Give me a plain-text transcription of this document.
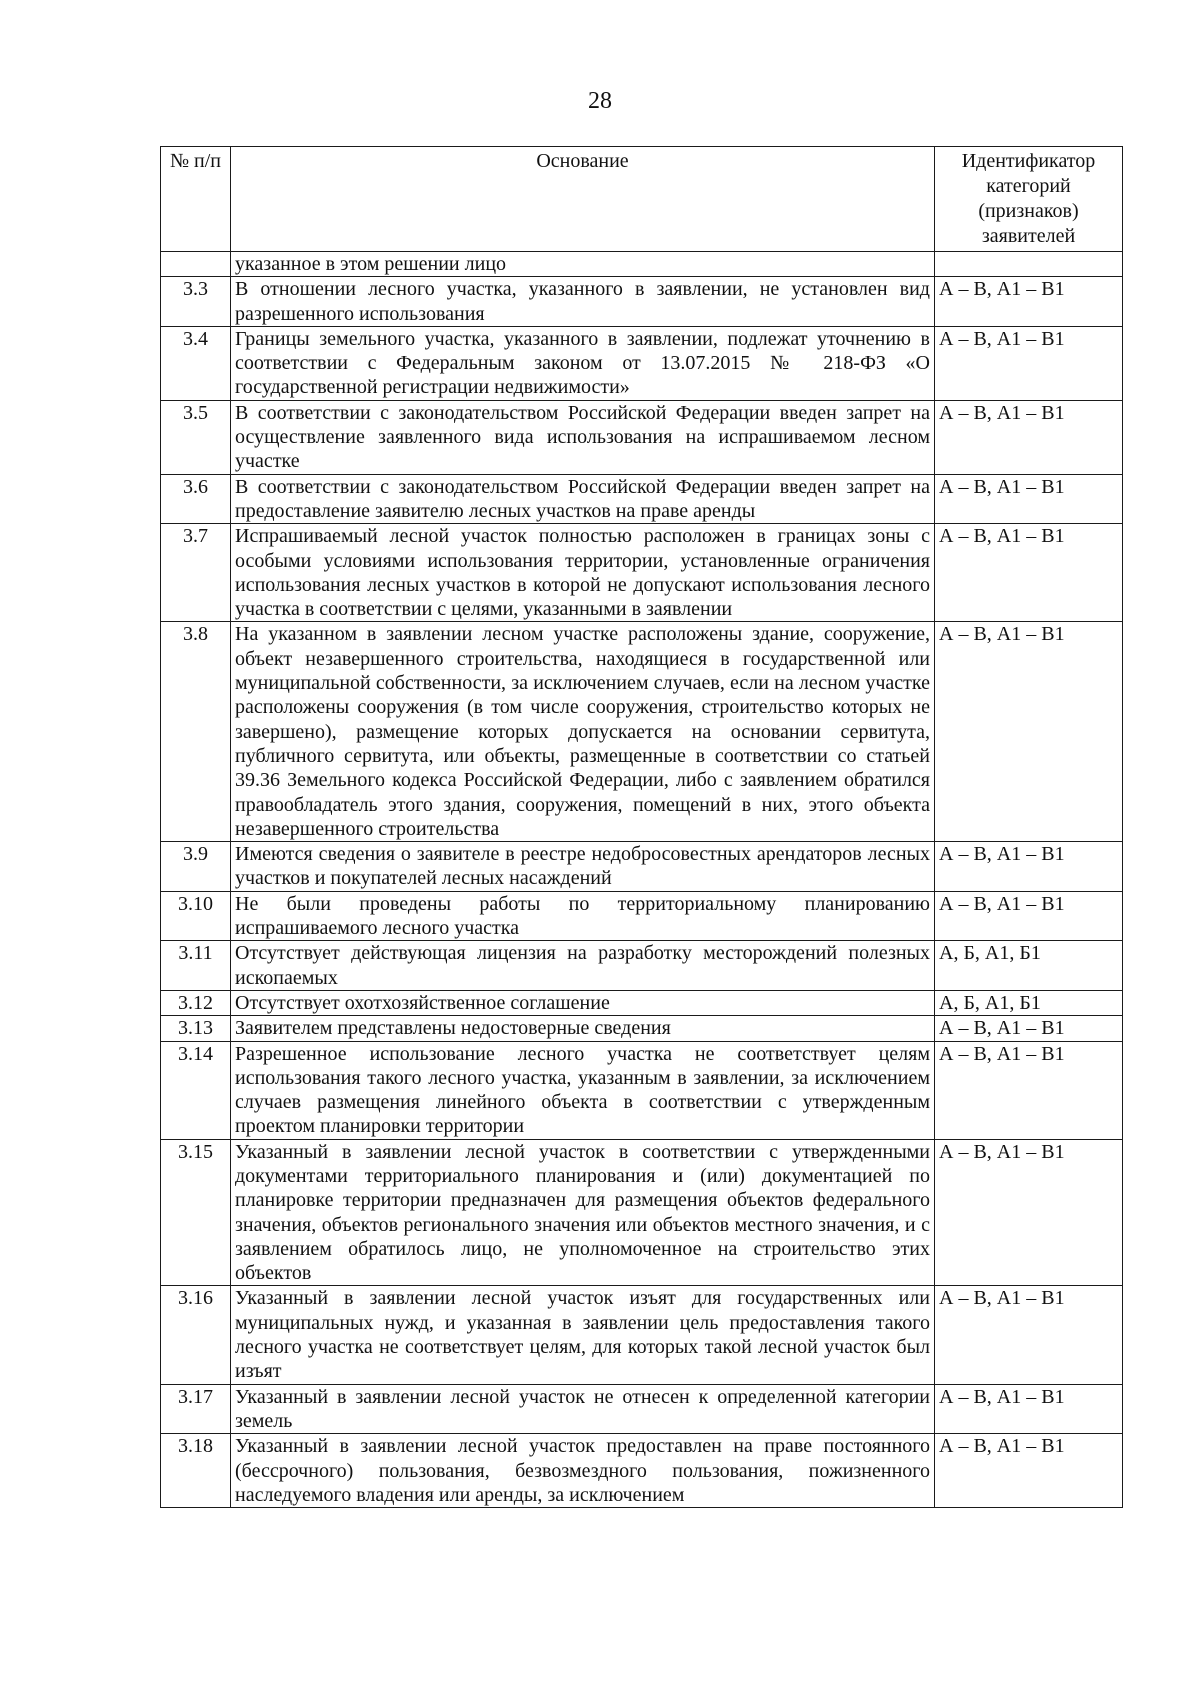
28
№ п/п	Основание	Идентификатор категорий (признаков) заявителей
	указанное в этом решении лицо	
3.3	В отношении лесного участка, указанного в заявлении, не установлен вид разрешенного использования	А – В, А1 – В1
3.4	Границы земельного участка, указанного в заявлении, подлежат уточнению в соответствии с Федеральным законом от 13.07.2015 № 218-ФЗ «О государственной регистрации недвижимости»	А – В, А1 – В1
3.5	В соответствии с законодательством Российской Федерации введен запрет на осуществление заявленного вида использования на испрашиваемом лесном участке	А – В, А1 – В1
3.6	В соответствии с законодательством Российской Федерации введен запрет на предоставление заявителю лесных участков на праве аренды	А – В, А1 – В1
3.7	Испрашиваемый лесной участок полностью расположен в границах зоны с особыми условиями использования территории, установленные ограничения использования лесных участков в которой не допускают использования лесного участка в соответствии с целями, указанными в заявлении	А – В, А1 – В1
3.8	На указанном в заявлении лесном участке расположены здание, сооружение, объект незавершенного строительства, находящиеся в государственной или муниципальной собственности, за исключением случаев, если на лесном участке расположены сооружения (в том числе сооружения, строительство которых не завершено), размещение которых допускается на основании сервитута, публичного сервитута, или объекты, размещенные в соответствии со статьей 39.36 Земельного кодекса Российской Федерации, либо с заявлением обратился правообладатель этого здания, сооружения, помещений в них, этого объекта незавершенного строительства	А – В, А1 – В1
3.9	Имеются сведения о заявителе в реестре недобросовестных арендаторов лесных участков и покупателей лесных насаждений	А – В, А1 – В1
3.10	Не были проведены работы по территориальному планированию испрашиваемого лесного участка	А – В, А1 – В1
3.11	Отсутствует действующая лицензия на разработку месторождений полезных ископаемых	А, Б, А1, Б1
3.12	Отсутствует охотхозяйственное соглашение	А, Б, А1, Б1
3.13	Заявителем представлены недостоверные сведения	А – В, А1 – В1
3.14	Разрешенное использование лесного участка не соответствует целям использования такого лесного участка, указанным в заявлении, за исключением случаев размещения линейного объекта в соответствии с утвержденным проектом планировки территории	А – В, А1 – В1
3.15	Указанный в заявлении лесной участок в соответствии с утвержденными документами территориального планирования и (или) документацией по планировке территории предназначен для размещения объектов федерального значения, объектов регионального значения или объектов местного значения, и с заявлением обратилось лицо, не уполномоченное на строительство этих объектов	А – В, А1 – В1
3.16	Указанный в заявлении лесной участок изъят для государственных или муниципальных нужд, и указанная в заявлении цель предоставления такого лесного участка не соответствует целям, для которых такой лесной участок был изъят	А – В, А1 – В1
3.17	Указанный в заявлении лесной участок не отнесен к определенной категории земель	А – В, А1 – В1
3.18	Указанный в заявлении лесной участок предоставлен на праве постоянного (бессрочного) пользования, безвозмездного пользования, пожизненного наследуемого владения или аренды, за исключением	А – В, А1 – В1
